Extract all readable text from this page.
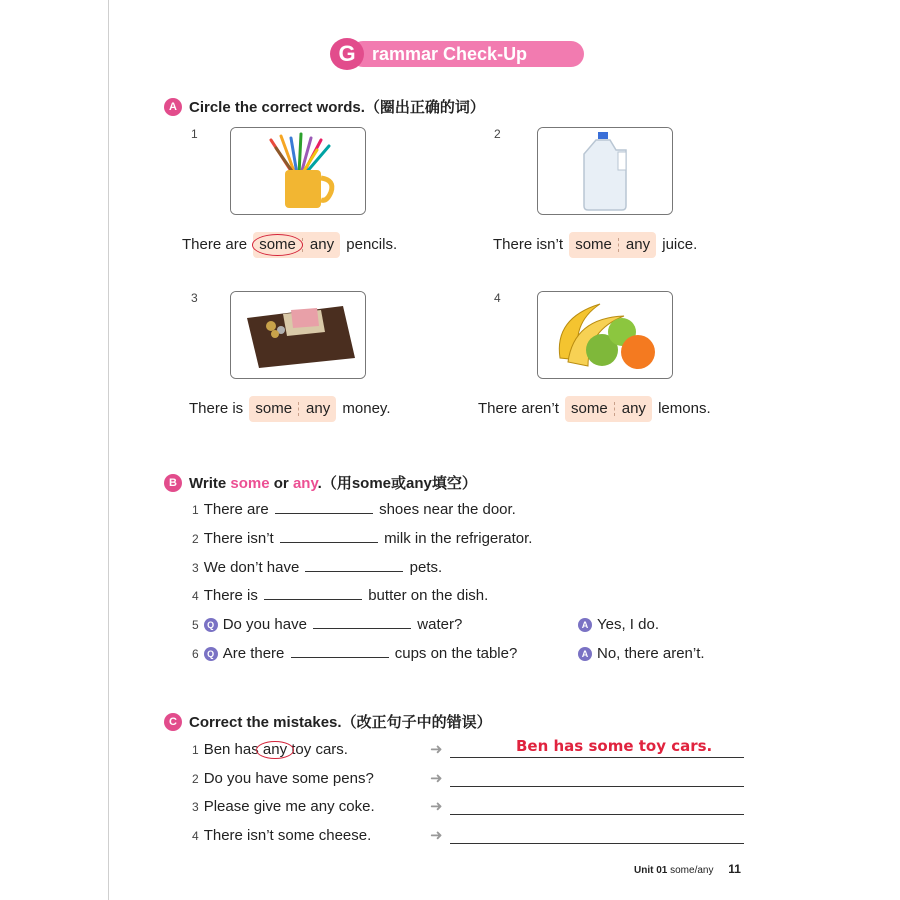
rammar Check-Up
G
A Circle the correct words.（圈出正确的词）
1
There are some any pencils.
2
There isn’t some any juice.
3
There is some any money.
4
There aren’t some any lemons.
B Write some or any.（用some或any填空）
1 There are	shoes near the door.
2 There isn’t	milk in the refrigerator.
3 We don’t have	pets.
4 There is	butter on the dish.
5 Q Do you have	water?	A Yes, I do.
6 Q Are there	cups on the table?	A No, there aren’t.
C Correct the mistakes.（改正句子中的错误）
1 Ben has any toy cars.	➜	Ben has some toy cars.
2 Do you have some pens?	➜
3 Please give me any coke.	➜
4 There isn’t some cheese.	➜
Unit 01 some/any 11
